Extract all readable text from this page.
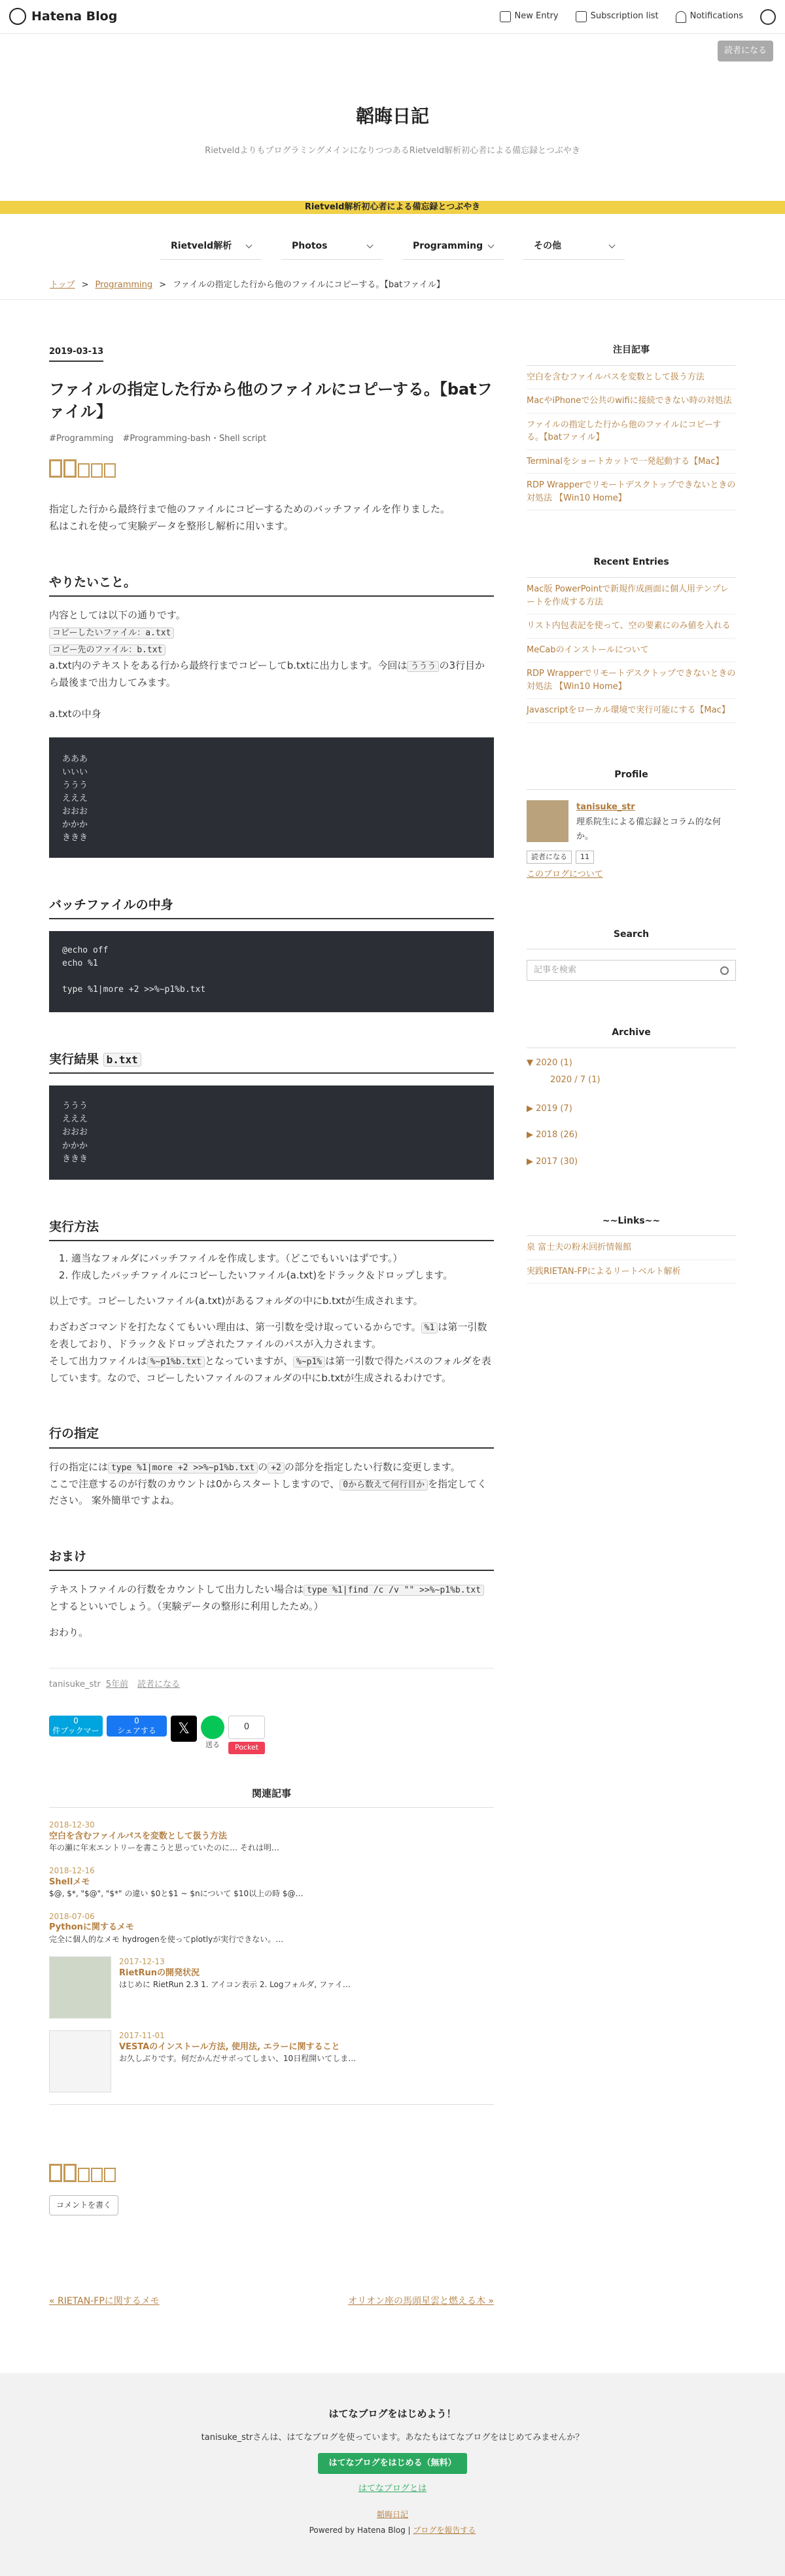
Hatena Blog	New Entry	Subscription list	Notifications
読者になる
韜晦日記
RietveldよりもプログラミングメインになりつつあるRietveld解析初心者による備忘録とつぶやき
Rietveld解析初心者による備忘録とつぶやき
Rietveld解析	Photos	Programming	その他
トップ > Programming > ファイルの指定した行から他のファイルにコピーする。【batファイル】
2019-03-13
ファイルの指定した行から他のファイルにコピーする。【batファイル】
#Programming #Programming-bash・Shell script

指定した行から最終行まで他のファイルにコピーするためのバッチファイルを作りました。

私はこれを使って実験データを整形し解析に用います。

やりたいこと。

内容としては以下の通りです。

コピーしたいファイル：a.txt
コピー先のファイル：b.txt

a.txt内のテキストをある行から最終行までコピーしてb.txtに出力します。今回は ううう の3行目から最後まで出力してみます。

a.txtの中身

あああ
いいい
ううう
えええ
おおお
かかか
ききき
バッチファイルの中身
@echo off
echo %1

type %1|more +2 >>%~p1%b.txt
実行結果 b.txt
ううう
えええ
おおお
かかか
ききき
実行方法
1. 適当なフォルダにバッチファイルを作成します。（どこでもいいはずです。）
2. 作成したバッチファイルにコピーしたいファイル(a.txt)をドラック＆ドロップします。

以上です。コピーしたいファイル(a.txt)があるフォルダの中にb.txtが生成されます。

わざわざコマンドを打たなくてもいい理由は、第一引数を受け取っているからです。 %1 は第一引数を表しており、ドラック＆ドロップされたファイルのパスが入力されます。
そして出力ファイルは %~p1%b.txt となっていますが、 %~p1% は第一引数で得たパスのフォルダを表しています。なので、コピーしたいファイルのフォルダの中にb.txtが生成されるわけです。

行の指定

行の指定には type %1|more +2 >>%~p1%b.txt の +2 の部分を指定したい行数に変更します。
ここで注意するのが行数のカウントは0からスタートしますので、 0から数えて何行目か を指定してください。 案外簡単ですよね。

おまけ

テキストファイルの行数をカウントして出力したい場合は type %1|find /c /v "" >>%~p1%b.txt
とするといいでしょう。（実験データの整形に利用したため。）

おわり。

tanisuke_str 5年前 読者になる
0
件ブックマーク
0
シェアする	𝕏
送る
0
Pocket
関連記事
2018-12-30
空白を含むファイルパスを変数として扱う方法
年の瀬に年末エントリーを書こうと思っていたのに… それは明…
2018-12-16
Shellメモ
$@, $*, "$@", "$*" の違い $0と$1 ~ $nについて $10以上の時 $@…
2018-07-06
Pythonに関するメモ
完全に個人的なメモ hydrogenを使ってplotlyが実行できない。…
2017-12-13
RietRunの開発状況
はじめに RietRun 2.3 1. アイコン表示 2. Logフォルダ, ファイ…
2017-11-01
VESTAのインストール方法, 使用法, エラーに関すること
お久しぶりです。何だかんだサボってしまい、10日程開いてしま…
コメントを書く
« RIETAN-FPに関するメモ	オリオン座の馬頭星雲と燃える木 »
注目記事
空白を含むファイルパスを変数として扱う方法
MacやiPhoneで公共のwifiに接続できない時の対処法
ファイルの指定した行から他のファイルにコピーする。【batファイル】
Terminalをショートカットで一発起動する【Mac】
RDP Wrapperでリモートデスクトップできないときの対処法 【Win10 Home】
Recent Entries
Mac版 PowerPointで新規作成画面に個人用テンプレートを作成する方法
リスト内包表記を使って、空の要素にのみ値を入れる
MeCabのインストールについて
RDP Wrapperでリモートデスクトップできないときの対処法 【Win10 Home】
Javascriptをローカル環境で実行可能にする【Mac】
Profile
tanisuke_str
理系院生による備忘録とコラム的な何か。
読者になる	11
このブログについて
Search
記事を検索
Archive
▼ 2020 (1)
2020 / 7 (1)
▶ 2019 (7)
▶ 2018 (26)
▶ 2017 (30)
~~Links~~
泉 富士夫の粉末回折情報館
実践RIETAN-FPによるリートベルト解析
はてなブログをはじめよう！
tanisuke_strさんは、はてなブログを使っています。あなたもはてなブログをはじめてみませんか？
はてなブログをはじめる（無料）
はてなブログとは
韜晦日記
Powered by Hatena Blog | ブログを報告する
